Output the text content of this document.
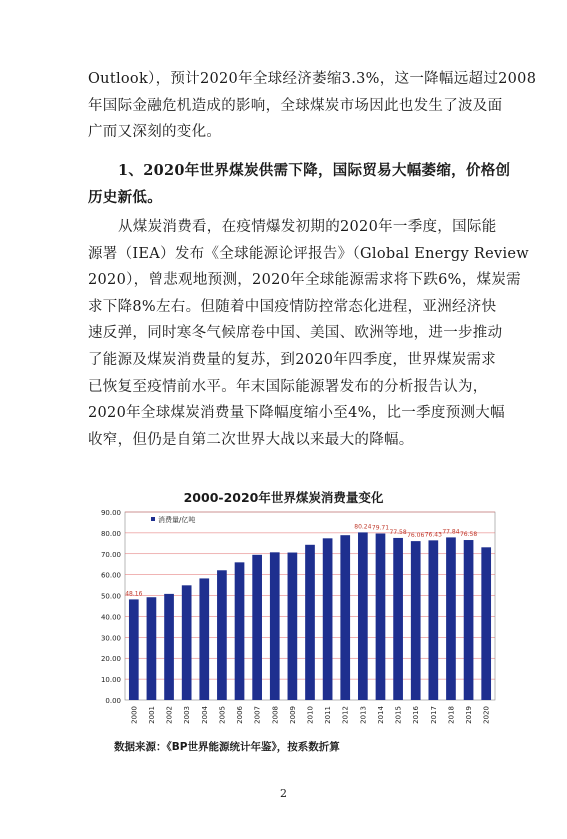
Outlook），预计2020年全球经济萎缩3.3%，这一降幅远超过2008
年国际金融危机造成的影响，全球煤炭市场因此也发生了波及面
广而又深刻的变化。
1、2020年世界煤炭供需下降，国际贸易大幅萎缩，价格创
历史新低。
从煤炭消费看，在疫情爆发初期的2020年一季度，国际能
源署（IEA）发布《全球能源论评报告》（Global Energy Review
2020），曾悲观地预测，2020年全球能源需求将下跌6%，煤炭需
求下降8%左右。但随着中国疫情防控常态化进程，亚洲经济快
速反弹，同时寒冬气候席卷中国、美国、欧洲等地，进一步推动
了能源及煤炭消费量的复苏，到2020年四季度，世界煤炭需求
已恢复至疫情前水平。年末国际能源署发布的分析报告认为，
2020年全球煤炭消费量下降幅度缩小至4%，比一季度预测大幅
收窄，但仍是自第二次世界大战以来最大的降幅。
2000-2020年世界煤炭消费量变化
0.00
10.00
20.00
30.00
40.00
50.00
60.00
70.00
80.00
90.00
2000 2001 2002 2003 2004 2005 2006 2007 2008 2009 2010 2011 2012 2013 2014 2015 2016 2017 2018 2019 2020
48.16
80.24 79.71
77.58 76.06 76.43 77.84 76.58
消费量/亿吨
数据来源：《BP世界能源统计年鉴》，按系数折算
2
